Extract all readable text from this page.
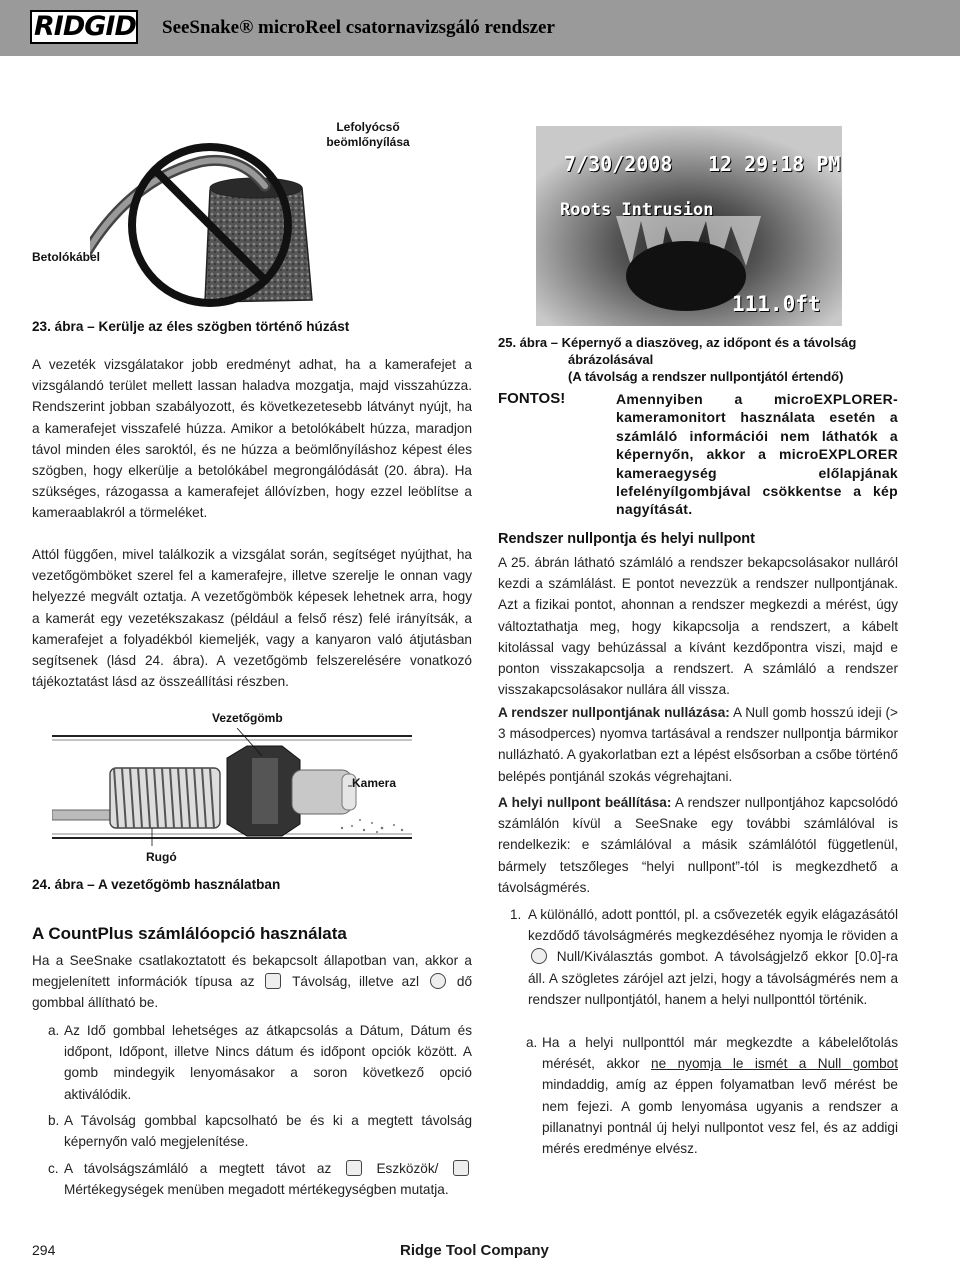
RIDGID SeeSnake® microReel csatornavizsgáló rendszer
Lefolyócső beömlőnyílása
Betolókábel
23. ábra – Kerülje az éles szögben történő húzást
A vezeték vizsgálatakor jobb eredményt adhat, ha a kamerafejet a vizsgálandó terület mellett lassan haladva mozgatja, majd visszahúzza. Rendszerint jobban szabályozott, és következetesebb látványt nyújt, ha a kamerafejet visszafelé húzza. Amikor a betolókábelt húzza, maradjon távol minden éles saroktól, és ne húzza a beömlőnyíláshoz képest éles szögben, hogy elkerülje a betolókábel megrongálódását (20. ábra). Ha szükséges, rázogassa a kamerafejet állóvízben, hogy ezzel leöblítse a kameraablakról a törmeléket.
Attól függően, mivel találkozik a vizsgálat során, segítséget nyújthat, ha vezetőgömböket szerel fel a kamerafejre, illetve szerelje le onnan vagy helyezzé megvált oztatja. A vezetőgömbök képesek lehetnek arra, hogy a kamerát egy vezetékszakasz (például a felső rész) felé irányítsák, a kamerafejet a folyadékból kiemeljék, vagy a kanyaron való átjutásban segítsenek (lásd 24. ábra). A vezetőgömb felszerelésére vonatkozó tájékoztatást lásd az összeállítási részben.
Vezetőgömb
Kamera
Rugó
24. ábra – A vezetőgömb használatban
A CountPlus számlálóopció használata
Ha a SeeSnake csatlakoztatott és bekapcsolt állapotban van, akkor a megjelenített információk típusa az	Távolság, illetve azl	dő gombbal állítható be.
a. Az Idő gombbal lehetséges az átkapcsolás a Dátum, Dátum és időpont, Időpont, illetve Nincs dátum és időpont opciók között. A gomb mindegyik lenyomásakor a soron következő opció aktiválódik.
b. A Távolság gombbal kapcsolható be és ki a megtett távolság képernyőn való megjelenítése.
c. A távolságszámláló a megtett távot az	Eszközök/  Mértékegységek menüben megadott mértékegységben mutatja.
7/30/2008 12 29:18 PM
Roots Intrusion
111.0ft
25. ábra – Képernyő a diaszöveg, az időpont és a távolság
ábrázolásával
(A távolság a rendszer nullpontjától értendő)
FONTOS!	Amennyiben a microEXPLORER-kameramonitort használata esetén a számláló információi nem láthatók a képernyőn, akkor a microEXPLORER kameraegység előlapjának lefelényílgombjával csökkentse a kép nagyítását.
Rendszer nullpontja és helyi nullpont
A 25. ábrán látható számláló a rendszer bekapcsolásakor nulláról kezdi a számlálást. E pontot nevezzük a rendszer nullpontjának. Azt a fizikai pontot, ahonnan a rendszer megkezdi a mérést, úgy változtathatja meg, hogy kikapcsolja a rendszert, a kábelt kitolással vagy behúzással a kívánt kezdőpontra viszi, majd e ponton visszakapcsolja a rendszert. A számláló a rendszer visszakapcsolásakor nullára áll vissza.
A rendszer nullpontjának nullázása: A Null gomb hosszú ideji (> 3 másodperces) nyomva tartásával a rendszer nullpontja bármikor nullázható. A gyakorlatban ezt a lépést elsősorban a csőbe történő belépés pontjánál szokás végrehajtani.
A helyi nullpont beállítása: A rendszer nullpontjához kapcsolódó számlálón kívül a SeeSnake egy további számlálóval is rendelkezik: e számlálóval a másik számlálótól függetlenül, bármely tetszőleges “helyi nullpont”-tól is megkezdhető a távolságmérés.
1. A különálló, adott ponttól, pl. a csővezeték egyik elágazásától kezdődő távolságmérés megkezdéséhez nyomja le röviden a  Null/Kiválasztás gombot. A távolságjelző ekkor [0.0]-ra áll. A szögletes zárójel azt jelzi, hogy a távolságmérés nem a rendszer nullpontjától, hanem a helyi nullponttól történik.
a. Ha a helyi nullponttól már megkezdte a kábelelőtolás mérését, akkor ne nyomja le ismét a Null gombot mindaddig, amíg az éppen folyamatban levő mérést be nem fejezi. A gomb lenyomása ugyanis a rendszer a pillanatnyi pontnál új helyi nullpontot vesz fel, és az addigi mérés eredménye elvész.
294	Ridge Tool Company
